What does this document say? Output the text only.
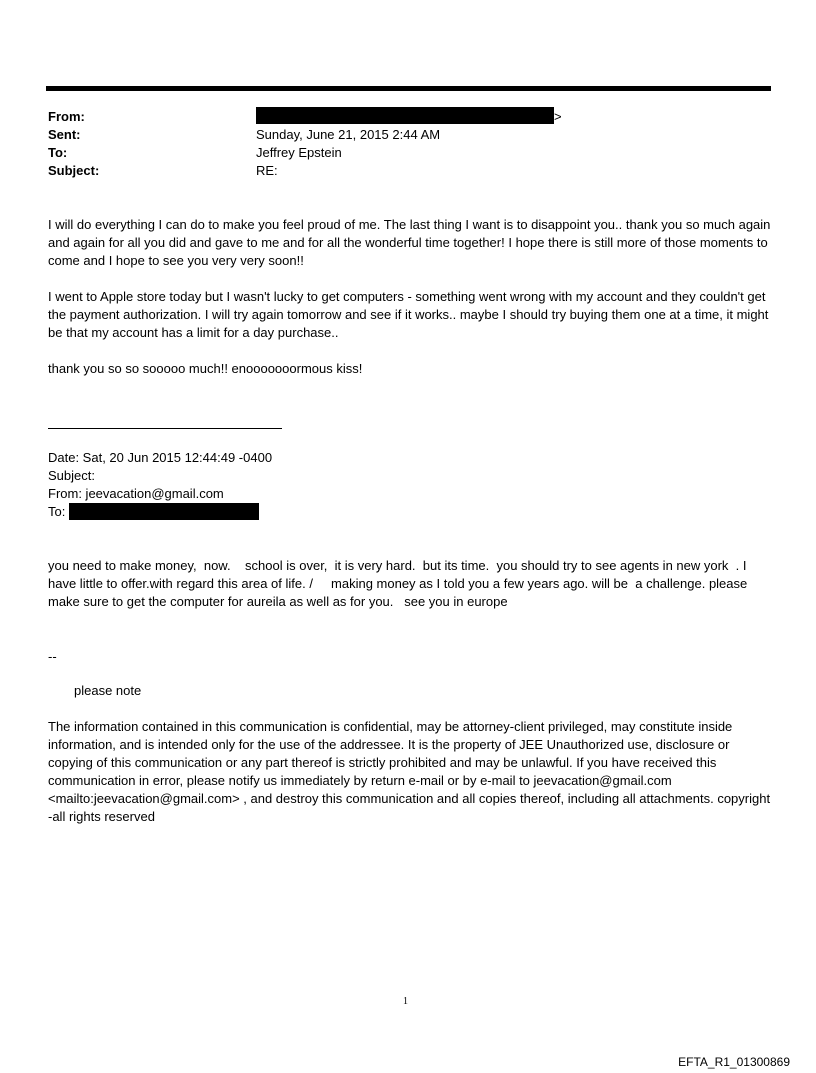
From:	>
Sent:	Sunday, June 21, 2015 2:44 AM
To:	Jeffrey Epstein
Subject:	RE:

I will do everything I can do to make you feel proud of me. The last thing I want is to disappoint you.. thank you so much again and again for all you did and gave to me and for all the wonderful time together! I hope there is still more of those moments to come and I hope to see you very very soon!!

I went to Apple store today but I wasn't lucky to get computers - something went wrong with my account and they couldn't get the payment authorization. I will try again tomorrow and see if it works.. maybe I should try buying them one at a time, it might be that my account has a limit for a day purchase..

thank you so so sooooo much!! enooooooormous kiss!

Date: Sat, 20 Jun 2015 12:44:49 -0400
Subject:
From: jeevacation@gmail.com
To:

you need to make money,  now.    school is over,  it is very hard.  but its time.  you should try to see agents in new york  . I have little to offer.with regard this area of life. /     making money as I told you a few years ago. will be  a challenge. please make sure to get the computer for aureila as well as for you.   see you in europe

--
please note

The information contained in this communication is confidential, may be attorney-client privileged, may constitute inside information, and is intended only for the use of the addressee. It is the property of JEE Unauthorized use, disclosure or copying of this communication or any part thereof is strictly prohibited and may be unlawful. If you have received this communication in error, please notify us immediately by return e-mail or by e-mail to jeevacation@gmail.com <mailto:jeevacation@gmail.com> , and destroy this communication and all copies thereof, including all attachments. copyright -all rights reserved

1
EFTA_R1_01300869
